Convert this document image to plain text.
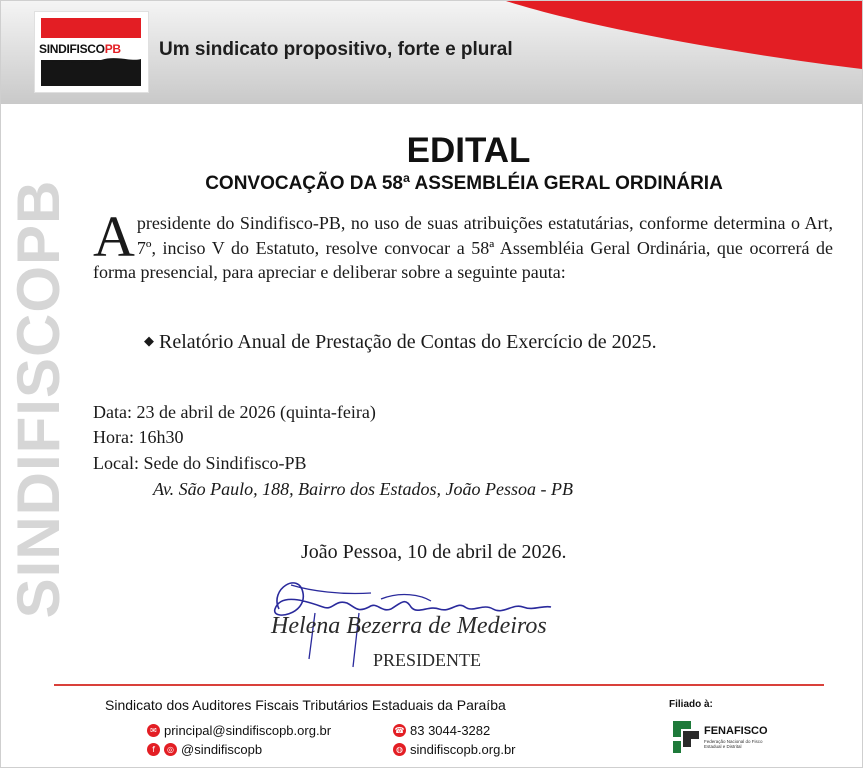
SINDIFISCOPB	Um sindicato propositivo, forte e plural
SINDIFISCOPB
EDITAL
CONVOCAÇÃO DA 58ª ASSEMBLÉIA GERAL ORDINÁRIA
Apresidente do Sindifisco-PB, no uso de suas atribuições estatutárias, conforme determina o Art, 7º, inciso V do Estatuto, resolve convocar a 58ª Assembléia Geral Ordinária, que ocorrerá de forma presencial, para apreciar e deliberar sobre a seguinte pauta:
◆ Relatório Anual de Prestação de Contas do Exercício de 2025.
Data: 23 de abril de 2026 (quinta-feira)
Hora: 16h30
Local: Sede do Sindifisco-PB
Av. São Paulo, 188, Bairro dos Estados, João Pessoa - PB
João Pessoa, 10 de abril de 2026.
Helena Bezerra de Medeiros
PRESIDENTE
Sindicato dos Auditores Fiscais Tributários Estaduais da Paraíba
✉ principal@sindifiscopb.org.br	☎ 83 3044-3282
f	◎ @sindifiscopb	◍ sindifiscopb.org.br
Filiado à:
FENAFISCO
Federação Nacional do Fisco Estadual e Distrital
